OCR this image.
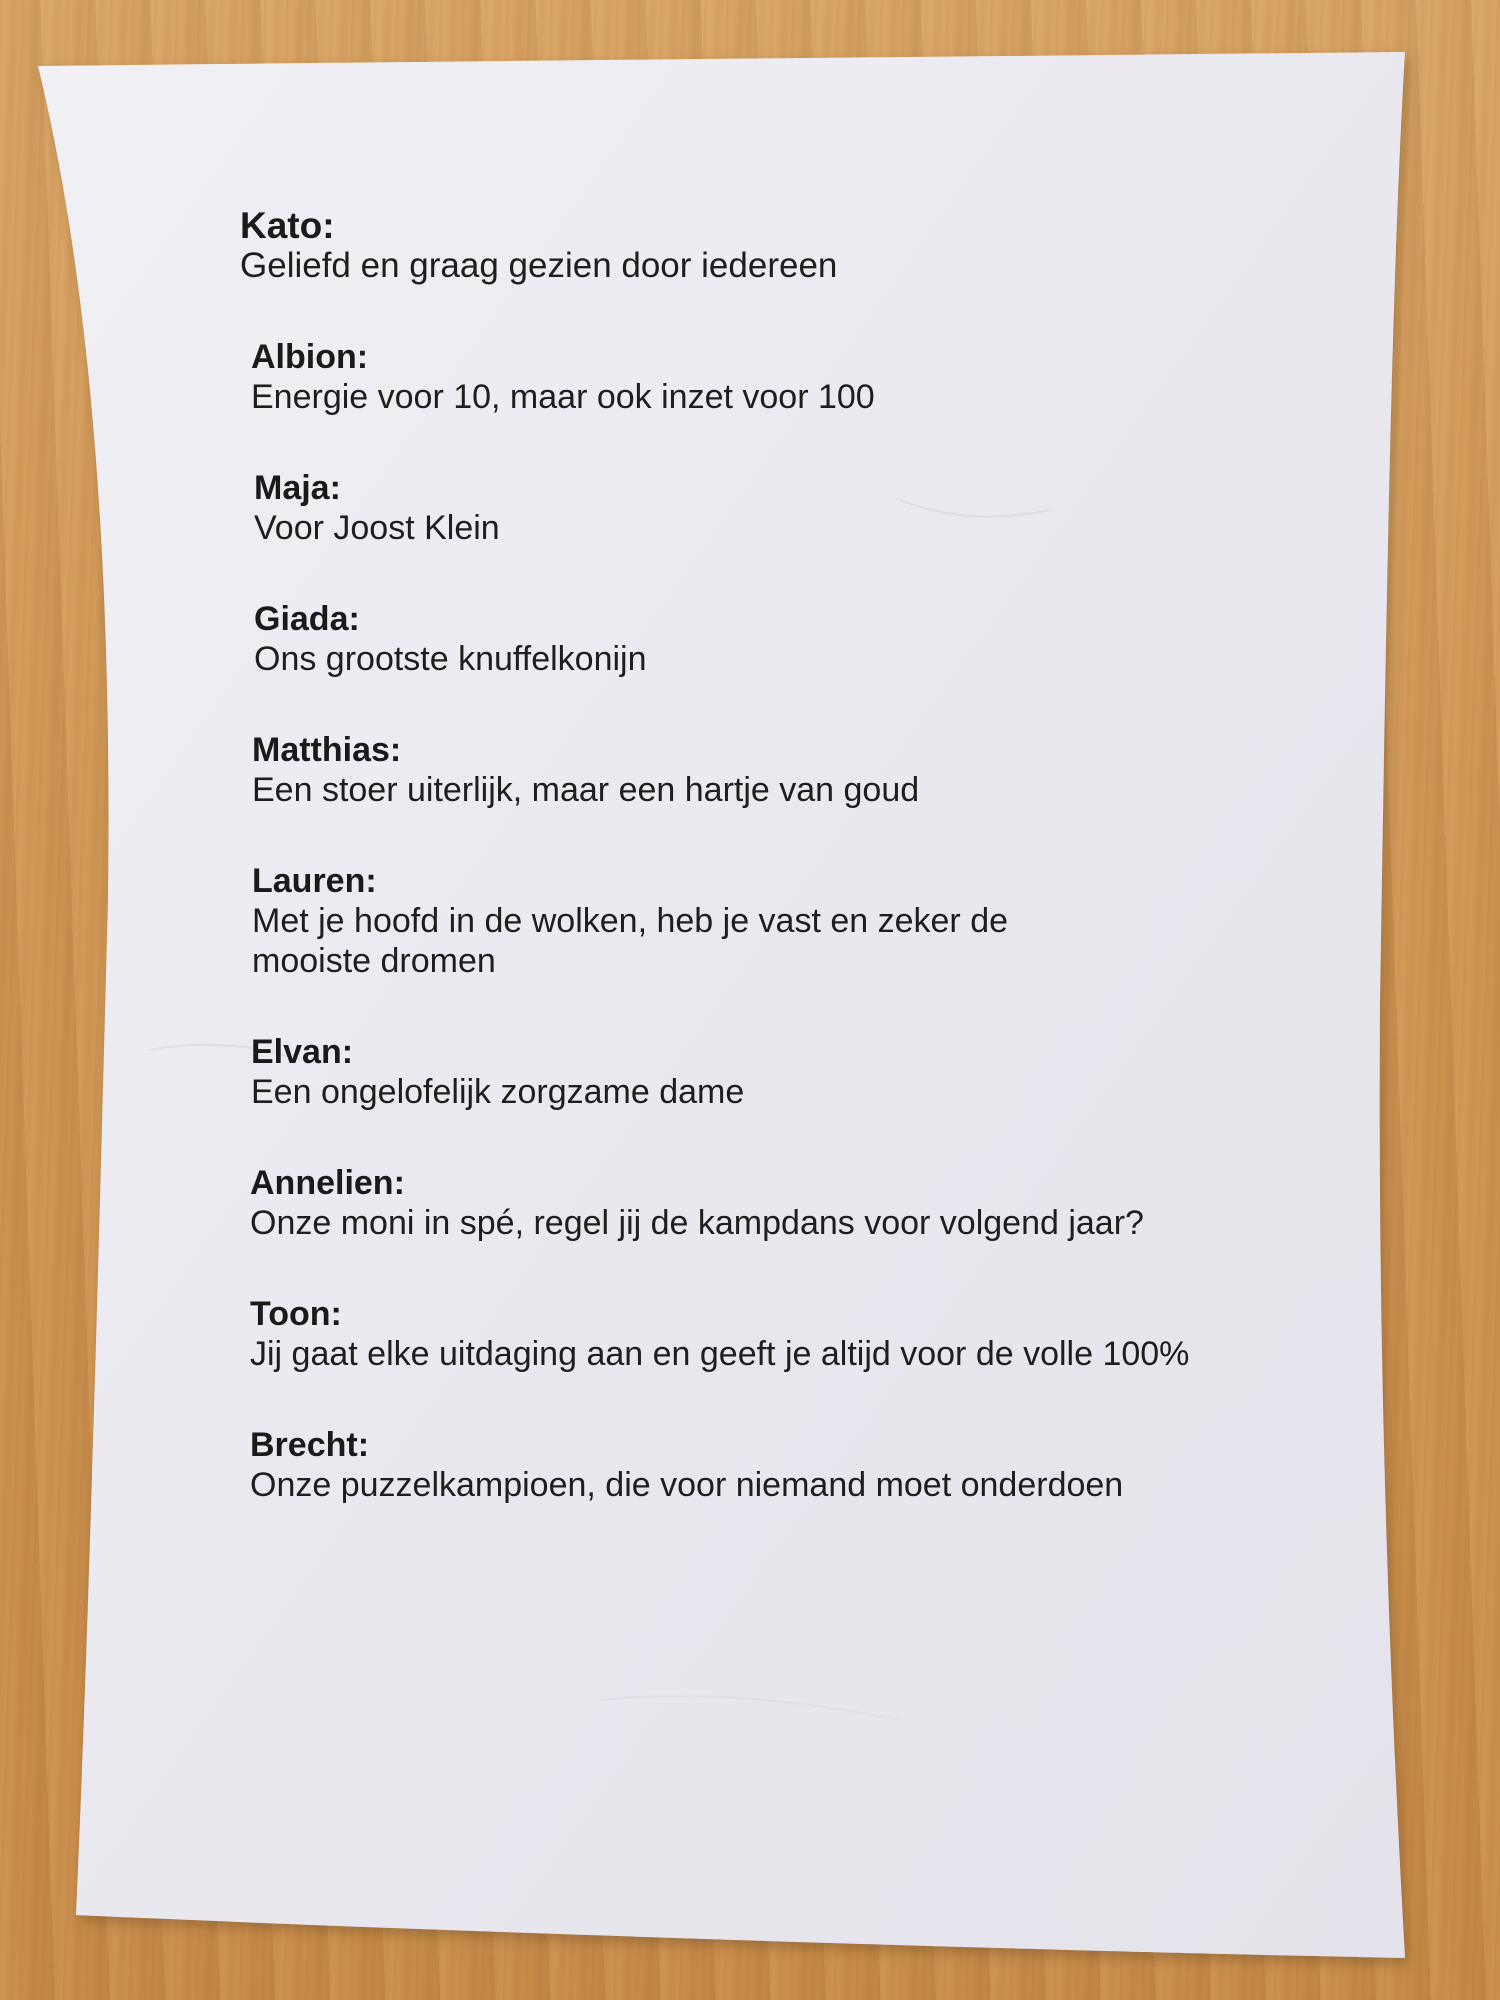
Kato:
Geliefd en graag gezien door iedereen
Albion:
Energie voor 10, maar ook inzet voor 100
Maja:
Voor Joost Klein
Giada:
Ons grootste knuffelkonijn
Matthias:
Een stoer uiterlijk, maar een hartje van goud
Lauren:
Met je hoofd in de wolken, heb je vast en zeker de mooiste dromen
Elvan:
Een ongelofelijk zorgzame dame
Annelien:
Onze moni in spé, regel jij de kampdans voor volgend jaar?
Toon:
Jij gaat elke uitdaging aan en geeft je altijd voor de volle 100%
Brecht:
Onze puzzelkampioen, die voor niemand moet onderdoen
